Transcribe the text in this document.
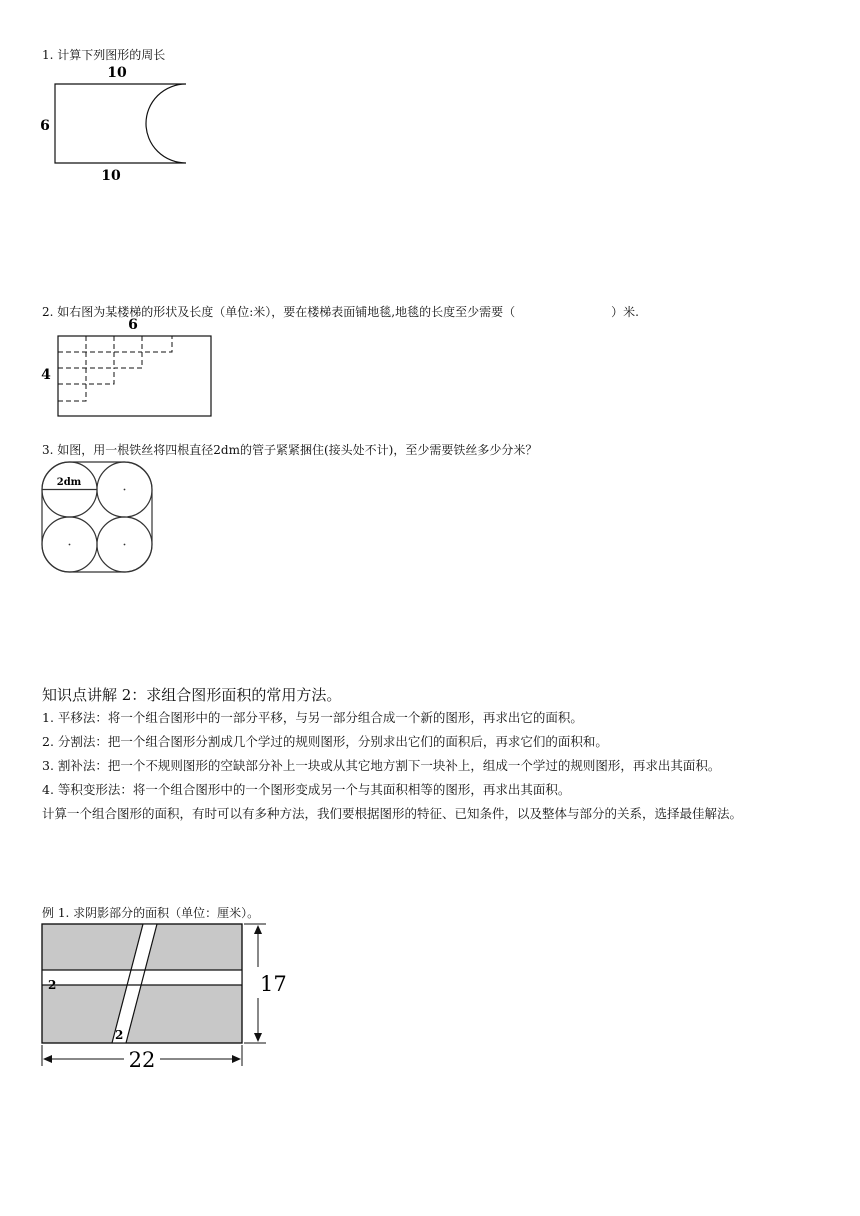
1. 计算下列图形的周长
10
10
6
2. 如右图为某楼梯的形状及长度（单位:米），要在楼梯表面铺地毯,地毯的长度至少需要（	）米.
6
4
3. 如图，用一根铁丝将四根直径2dm的管子紧紧捆住(接头处不计)，至少需要铁丝多少分米？
2dm
知识点讲解 2：求组合图形面积的常用方法。

1. 平移法：将一个组合图形中的一部分平移，与另一部分组合成一个新的图形，再求出它的面积。

2. 分割法：把一个组合图形分割成几个学过的规则图形，分别求出它们的面积后，再求它们的面积和。

3. 割补法：把一个不规则图形的空缺部分补上一块或从其它地方割下一块补上，组成一个学过的规则图形，再求出其面积。

4. 等积变形法：将一个组合图形中的一个图形变成另一个与其面积相等的图形，再求出其面积。

计算一个组合图形的面积，有时可以有多种方法，我们要根据图形的特征、已知条件，以及整体与部分的关系，选择最佳解法。

例 1. 求阴影部分的面积（单位：厘米）。
17
22
2
2
